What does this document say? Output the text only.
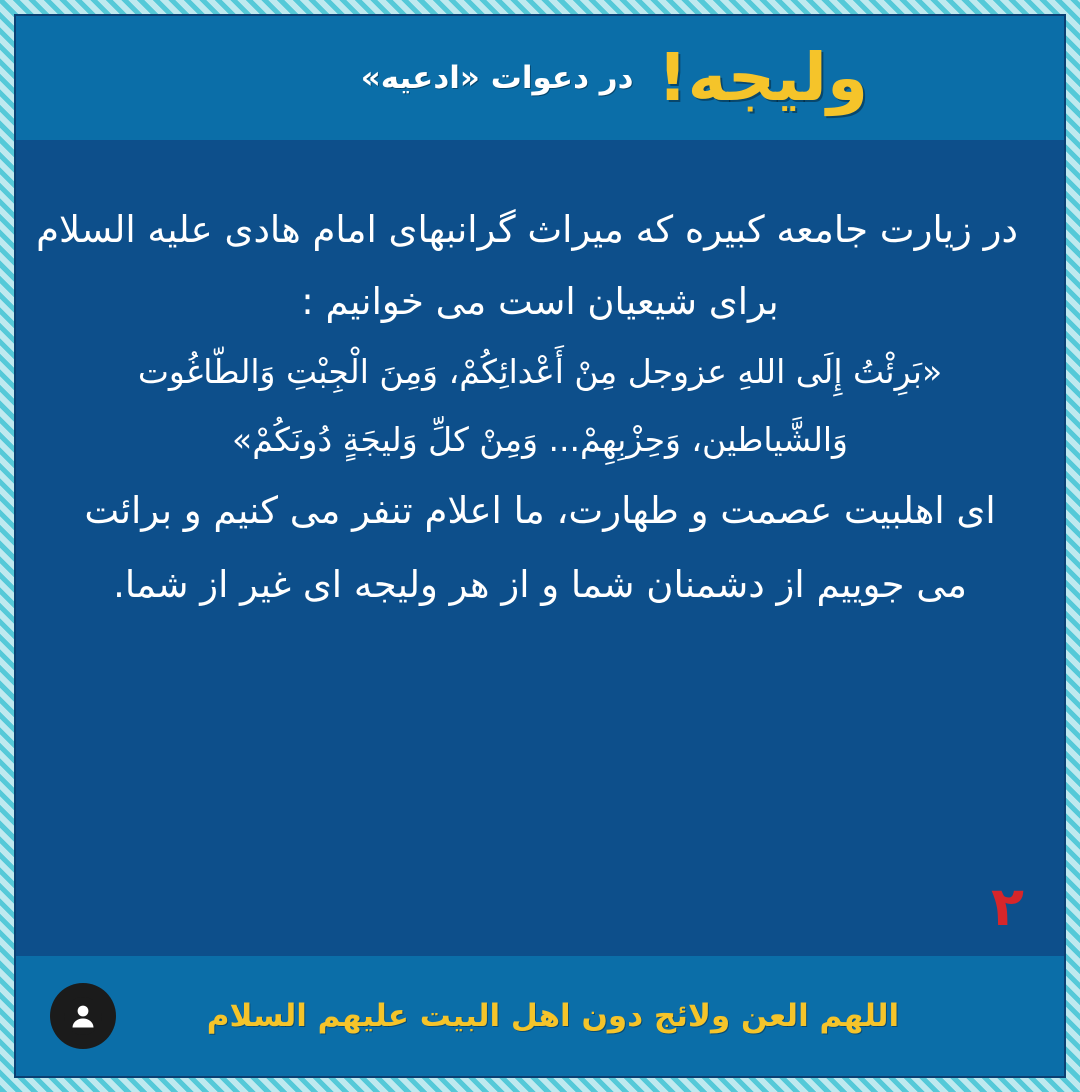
ولیجه!
در دعوات «ادعیه»
در زیارت جامعه کبیره که میراث گرانبهای امام هادی علیه السلام
برای شیعیان است می خوانیم :
«بَرِئْتُ إِلَى اللهِ عزوجل مِنْ أَعْدائِكُمْ، وَمِنَ الْجِبْتِ وَالطّاغُوت
وَالشَّياطين، وَحِزْبِهِمْ... وَمِنْ كلِّ وَلیجَةٍ دُونَكُمْ»
ای اهلبیت عصمت و طهارت، ما اعلام تنفر می کنیم و برائت
می جوییم از دشمنان شما و از هر ولیجه ای غیر از شما.
۲
اللهم العن ولائج دون اهل البیت علیهم السلام
